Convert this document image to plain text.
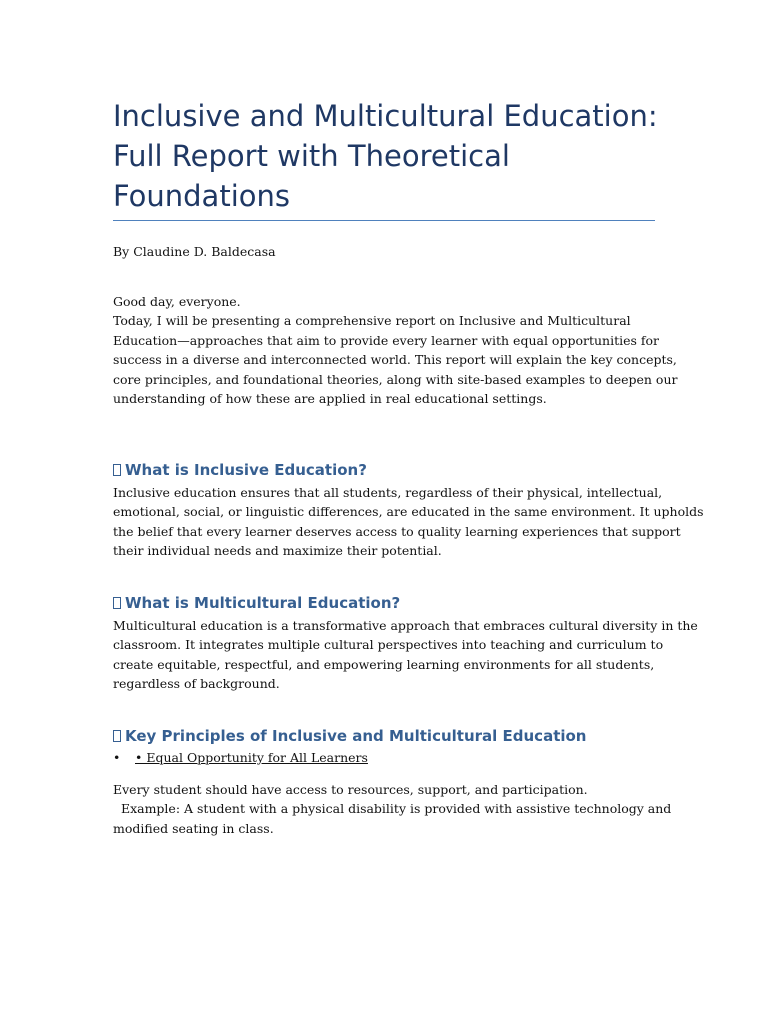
Inclusive and Multicultural Education:
Full Report with Theoretical
Foundations

By Claudine D. Baldecasa

Good day, everyone.
Today, I will be presenting a comprehensive report on Inclusive and Multicultural
Education—approaches that aim to provide every learner with equal opportunities for
success in a diverse and interconnected world. This report will explain the key concepts,
core principles, and foundational theories, along with site-based examples to deepen our
understanding of how these are applied in real educational settings.
What is Inclusive Education?
Inclusive education ensures that all students, regardless of their physical, intellectual,
emotional, social, or linguistic differences, are educated in the same environment. It upholds
the belief that every learner deserves access to quality learning experiences that support
their individual needs and maximize their potential.
What is Multicultural Education?
Multicultural education is a transformative approach that embraces cultural diversity in the
classroom. It integrates multiple cultural perspectives into teaching and curriculum to
create equitable, respectful, and empowering learning environments for all students,
regardless of background.
Key Principles of Inclusive and Multicultural Education
• • Equal Opportunity for All Learners
Every student should have access to resources, support, and participation.
Example: A student with a physical disability is provided with assistive technology and
modified seating in class.
